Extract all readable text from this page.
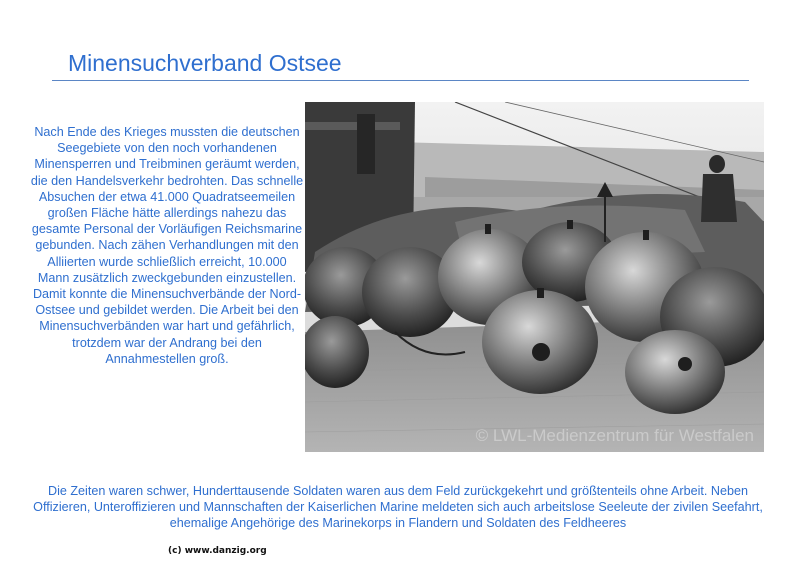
Minensuchverband Ostsee
Nach Ende des Krieges mussten die deutschen Seegebiete von den noch vorhandenen Minensperren und Treibminen geräumt werden, die den Handelsverkehr bedrohten. Das schnelle Absuchen der etwa 41.000 Quadratseemeilen großen Fläche hätte allerdings nahezu das gesamte Personal der Vorläufigen Reichsmarine gebunden. Nach zähen Verhandlungen mit den Alliierten wurde schließlich erreicht, 10.000 Mann zusätzlich zweckgebunden einzustellen. Damit konnte die Minensuchverbände der Nord- Ostsee und gebildet werden. Die Arbeit bei den Minensuchverbänden war hart und gefährlich, trotzdem war der Andrang bei den Annahmestellen groß.
© LWL-Medienzentrum für Westfalen
Die Zeiten waren schwer, Hunderttausende Soldaten waren aus dem Feld zurückgekehrt und größtenteils ohne Arbeit. Neben Offizieren, Unteroffizieren und Mannschaften der Kaiserlichen Marine meldeten sich auch arbeitslose Seeleute der zivilen Seefahrt, ehemalige Angehörige des Marinekorps in Flandern und Soldaten des Feldheeres
(c) www.danzig.org
